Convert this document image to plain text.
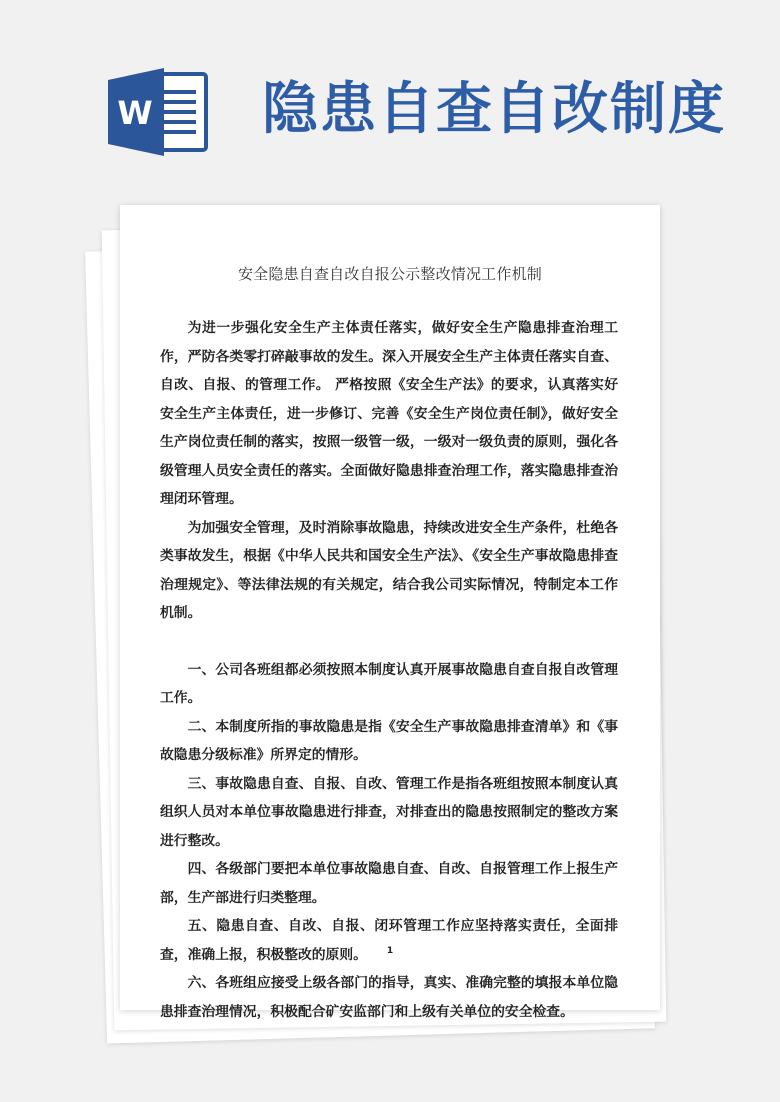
W 隐患自查自改制度
安全隐患自查自改自报公示整改情况工作机制

为进一步强化安全生产主体责任落实，做好安全生产隐患排查治理工作，严防各类零打碎敲事故的发生。深入开展安全生产主体责任落实自查、自改、自报、的管理工作。 严格按照《安全生产法》的要求，认真落实好安全生产主体责任，进一步修订、完善《安全生产岗位责任制》，做好安全生产岗位责任制的落实，按照一级管一级，一级对一级负责的原则，强化各级管理人员安全责任的落实。全面做好隐患排查治理工作，落实隐患排查治理闭环管理。

为加强安全管理，及时消除事故隐患，持续改进安全生产条件，杜绝各类事故发生，根据《中华人民共和国安全生产法》、《安全生产事故隐患排查治理规定》、等法律法规的有关规定，结合我公司实际情况，特制定本工作机制。

一、公司各班组都必须按照本制度认真开展事故隐患自查自报自改管理工作。

二、本制度所指的事故隐患是指《安全生产事故隐患排查清单》和《事故隐患分级标准》所界定的情形。

三、事故隐患自查、自报、自改、管理工作是指各班组按照本制度认真组织人员对本单位事故隐患进行排查，对排查出的隐患按照制定的整改方案进行整改。

四、各级部门要把本单位事故隐患自查、自改、自报管理工作上报生产部，生产部进行归类整理。

五、隐患自查、自改、自报、闭环管理工作应坚持落实责任，全面排查，准确上报，积极整改的原则。

六、各班组应接受上级各部门的指导，真实、准确完整的填报本单位隐患排查治理情况，积极配合矿安监部门和上级有关单位的安全检查。

1
